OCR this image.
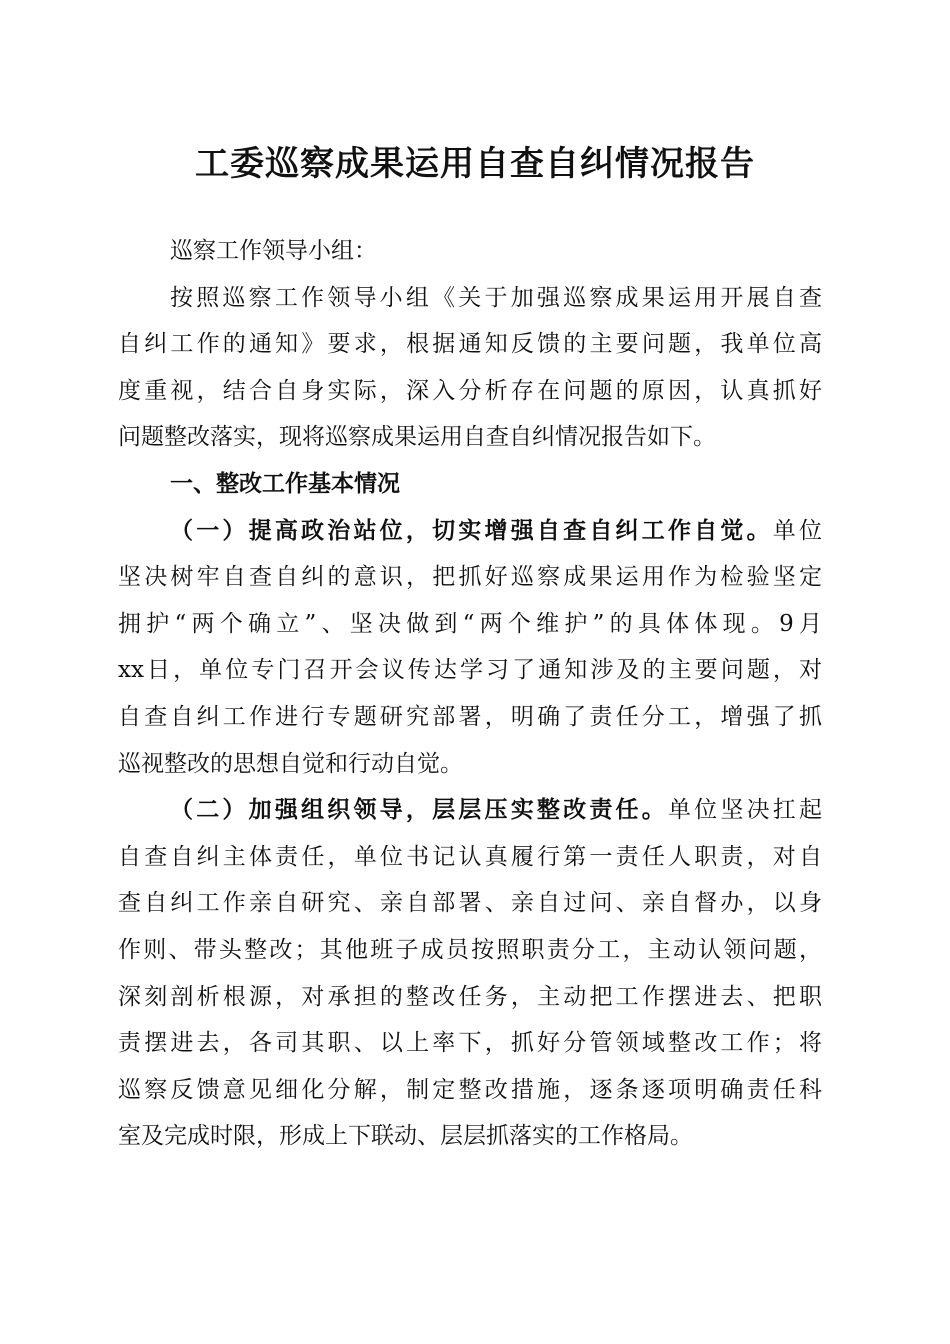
工委巡察成果运用自查自纠情况报告
巡察工作领导小组：
按照巡察工作领导小组《关于加强巡察成果运用开展自查
自纠工作的通知》要求，根据通知反馈的主要问题，我单位高
度重视，结合自身实际，深入分析存在问题的原因，认真抓好
问题整改落实，现将巡察成果运用自查自纠情况报告如下。
一、整改工作基本情况
（一）提高政治站位，切实增强自查自纠工作自觉。单位
坚决树牢自查自纠的意识，把抓好巡察成果运用作为检验坚定
拥护“两个确立”、坚决做到“两个维护”的具体体现。9月
xx日，单位专门召开会议传达学习了通知涉及的主要问题，对
自查自纠工作进行专题研究部署，明确了责任分工，增强了抓
巡视整改的思想自觉和行动自觉。
（二）加强组织领导，层层压实整改责任。单位坚决扛起
自查自纠主体责任，单位书记认真履行第一责任人职责，对自
查自纠工作亲自研究、亲自部署、亲自过问、亲自督办，以身
作则、带头整改；其他班子成员按照职责分工，主动认领问题，
深刻剖析根源，对承担的整改任务，主动把工作摆进去、把职
责摆进去，各司其职、以上率下，抓好分管领域整改工作；将
巡察反馈意见细化分解，制定整改措施，逐条逐项明确责任科
室及完成时限，形成上下联动、层层抓落实的工作格局。
